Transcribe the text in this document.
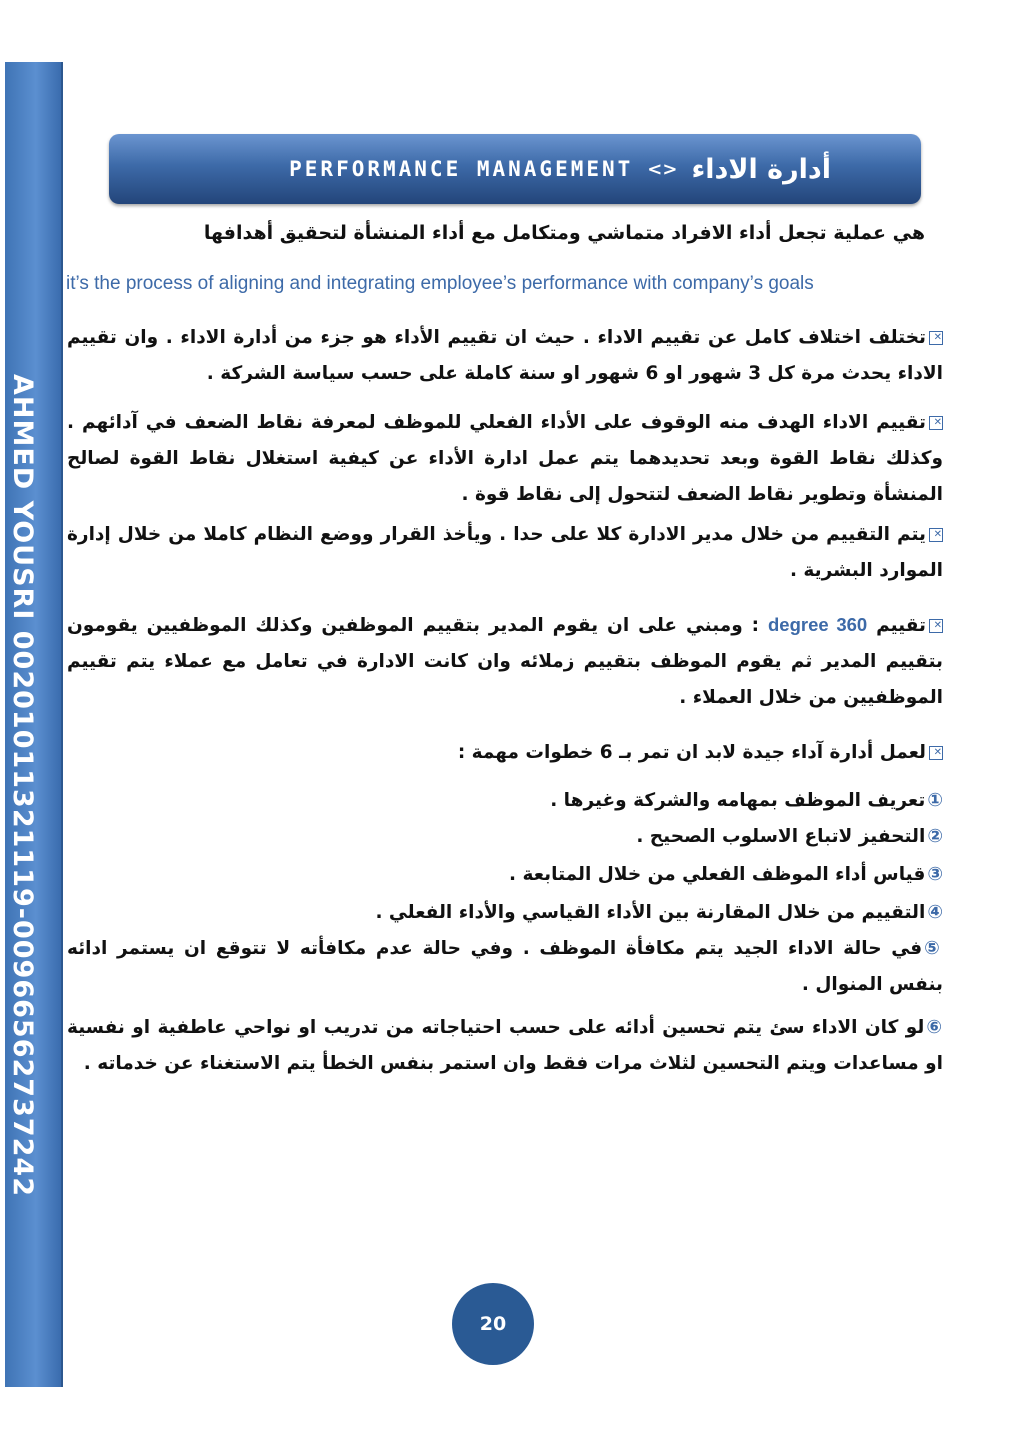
AHMED YOUSRI 00201011321119-00966562737242
PERFORMANCE MANAGEMENT <> أدارة الاداء
هي عملية تجعل أداء الافراد متماشي ومتكامل مع أداء المنشأة لتحقيق أهدافها
it’s the process of aligning and integrating employee’s performance with company’s goals
✕تختلف اختلاف كامل عن تقييم الاداء . حيث ان تقييم الأداء هو جزء من أدارة الاداء . وان تقييم الاداء يحدث مرة كل 3 شهور او 6 شهور او سنة كاملة على حسب سياسة الشركة .
✕تقييم الاداء الهدف منه الوقوف على الأداء الفعلي للموظف لمعرفة نقاط الضعف في آدائهم . وكذلك نقاط القوة وبعد تحديدهما يتم عمل ادارة الأداء عن كيفية استغلال نقاط القوة لصالح المنشأة وتطوير نقاط الضعف لتتحول إلى نقاط قوة .
✕يتم التقييم من خلال مدير الادارة كلا على حدا . ويأخذ القرار ووضع النظام كاملا من خلال إدارة الموارد البشرية .
✕تقييم 360 degree : ومبني على ان يقوم المدير بتقييم الموظفين وكذلك الموظفيين يقومون بتقييم المدير ثم يقوم الموظف بتقييم زملائه وان كانت الادارة في تعامل مع عملاء يتم تقييم الموظفيين من خلال العملاء .
✕لعمل أدارة آداء جيدة لابد ان تمر بـ 6 خطوات مهمة :
①تعريف الموظف بمهامه والشركة وغيرها .
②التحفيز لاتباع الاسلوب الصحيح .
③قياس أداء الموظف الفعلي من خلال المتابعة .
④التقييم من خلال المقارنة بين الأداء القياسي والأداء الفعلي .
⑤في حالة الاداء الجيد يتم مكافأة الموظف . وفي حالة عدم مكافأته لا تتوقع ان يستمر ادائه بنفس المنوال .
⑥لو كان الاداء سئ يتم تحسين أدائه على حسب احتياجاته من تدريب او نواحي عاطفية او نفسية او مساعدات ويتم التحسين لثلاث مرات فقط وان استمر بنفس الخطأ يتم الاستغناء عن خدماته .
20
